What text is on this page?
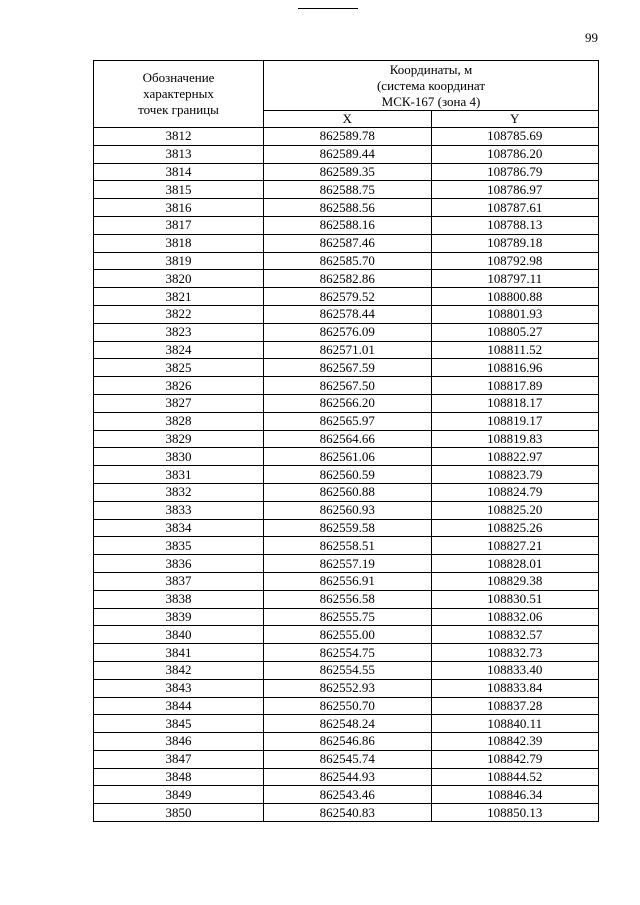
99
Обозначение
характерных
точек границы	Координаты, м
(система координат
МСК-167 (зона 4)	

	X	Y
3812	862589.78	108785.69
3813	862589.44	108786.20
3814	862589.35	108786.79
3815	862588.75	108786.97
3816	862588.56	108787.61
3817	862588.16	108788.13
3818	862587.46	108789.18
3819	862585.70	108792.98
3820	862582.86	108797.11
3821	862579.52	108800.88
3822	862578.44	108801.93
3823	862576.09	108805.27
3824	862571.01	108811.52
3825	862567.59	108816.96
3826	862567.50	108817.89
3827	862566.20	108818.17
3828	862565.97	108819.17
3829	862564.66	108819.83
3830	862561.06	108822.97
3831	862560.59	108823.79
3832	862560.88	108824.79
3833	862560.93	108825.20
3834	862559.58	108825.26
3835	862558.51	108827.21
3836	862557.19	108828.01
3837	862556.91	108829.38
3838	862556.58	108830.51
3839	862555.75	108832.06
3840	862555.00	108832.57
3841	862554.75	108832.73
3842	862554.55	108833.40
3843	862552.93	108833.84
3844	862550.70	108837.28
3845	862548.24	108840.11
3846	862546.86	108842.39
3847	862545.74	108842.79
3848	862544.93	108844.52
3849	862543.46	108846.34
3850	862540.83	108850.13
